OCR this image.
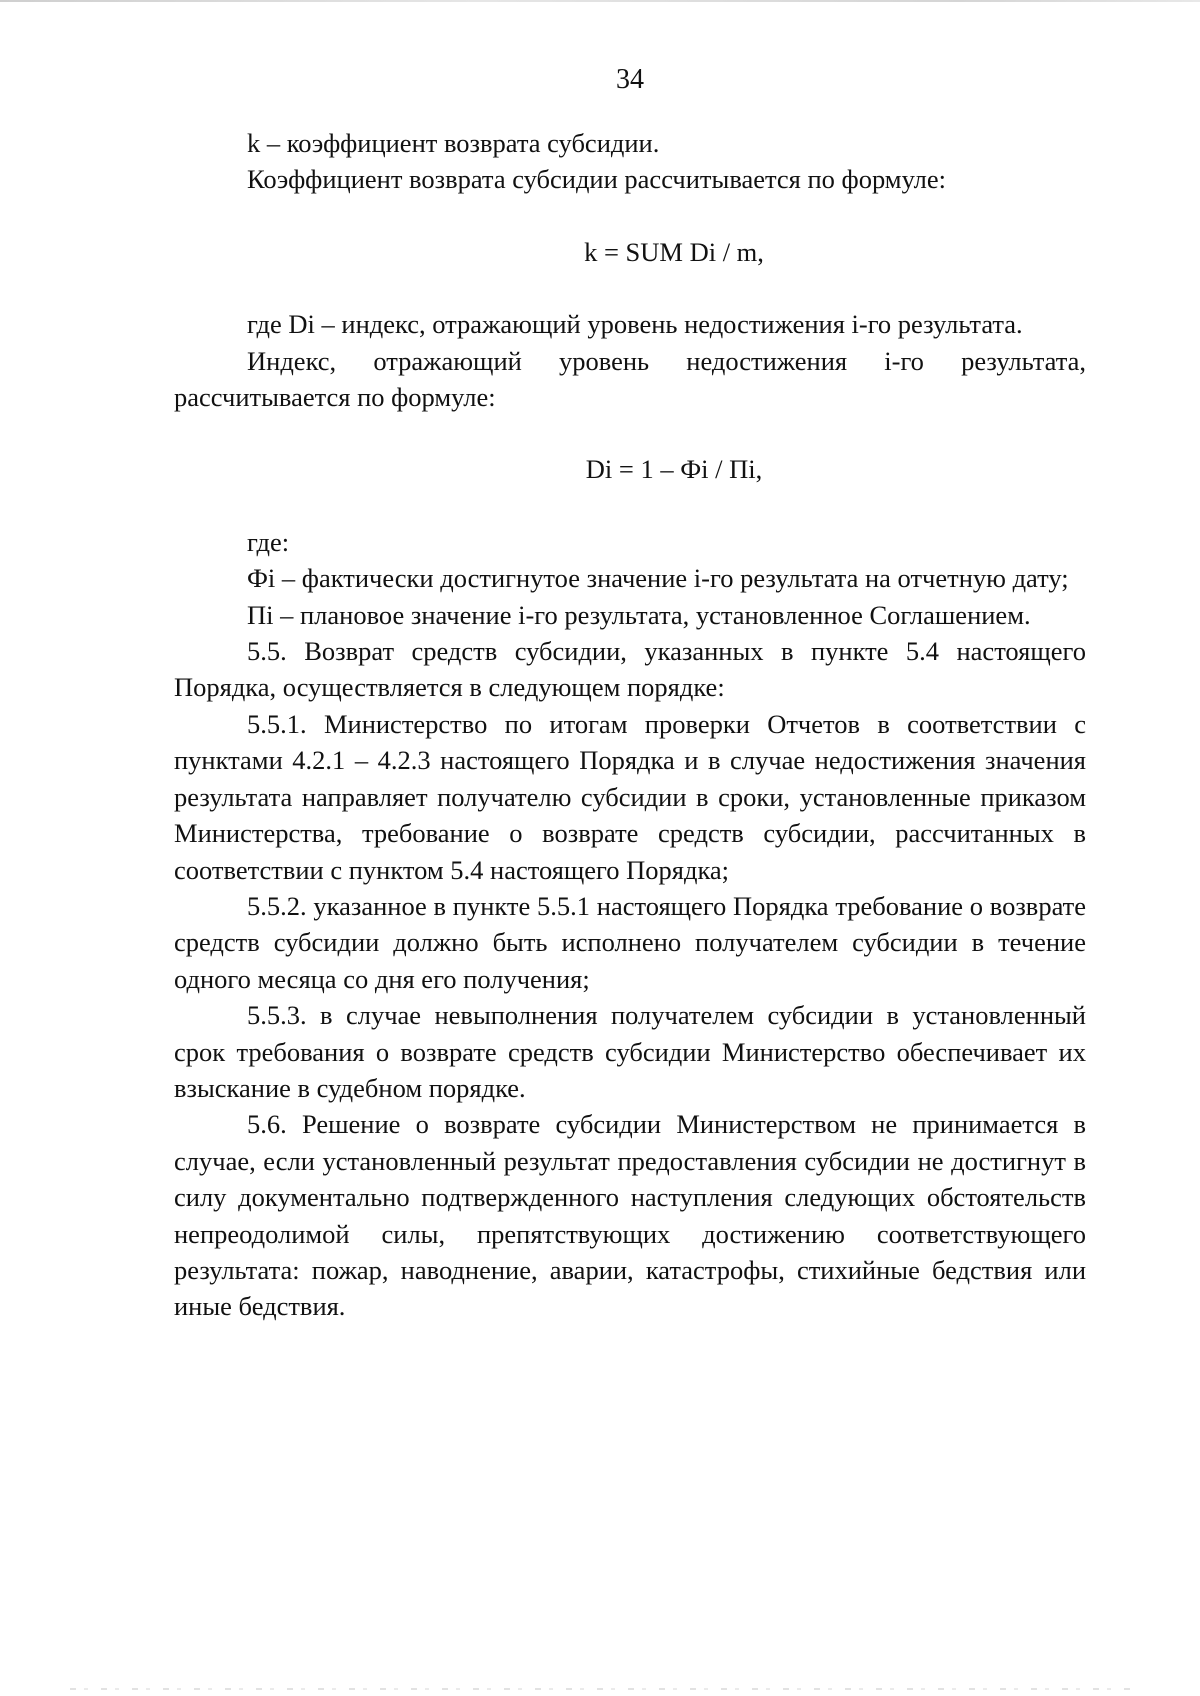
34

k – коэффициент возврата субсидии.

Коэффициент возврата субсидии рассчитывается по формуле:

k = SUM Di / m,

где Di – индекс, отражающий уровень недостижения i-го результата.

Индекс, отражающий уровень недостижения i-го результата, рассчитывается по формуле:

Di = 1 – Фi / Пi,

где:

Фi – фактически достигнутое значение i-го результата на отчетную дату;

Пi – плановое значение i-го результата, установленное Соглашением.

5.5. Возврат средств субсидии, указанных в пункте 5.4 настоящего Порядка, осуществляется в следующем порядке:

5.5.1. Министерство по итогам проверки Отчетов в соответствии с пунктами 4.2.1 – 4.2.3 настоящего Порядка и в случае недостижения значения результата направляет получателю субсидии в сроки, установленные приказом Министерства, требование о возврате средств субсидии, рассчитанных в соответствии с пунктом 5.4 настоящего Порядка;

5.5.2. указанное в пункте 5.5.1 настоящего Порядка требование о возврате средств субсидии должно быть исполнено получателем субсидии в течение одного месяца со дня его получения;

5.5.3. в случае невыполнения получателем субсидии в установленный срок требования о возврате средств субсидии Министерство обеспечивает их взыскание в судебном порядке.

5.6. Решение о возврате субсидии Министерством не принимается в случае, если установленный результат предоставления субсидии не достигнут в силу документально подтвержденного наступления следующих обстоятельств непреодолимой силы, препятствующих достижению соответствующего результата: пожар, наводнение, аварии, катастрофы, стихийные бедствия или иные бедствия.
